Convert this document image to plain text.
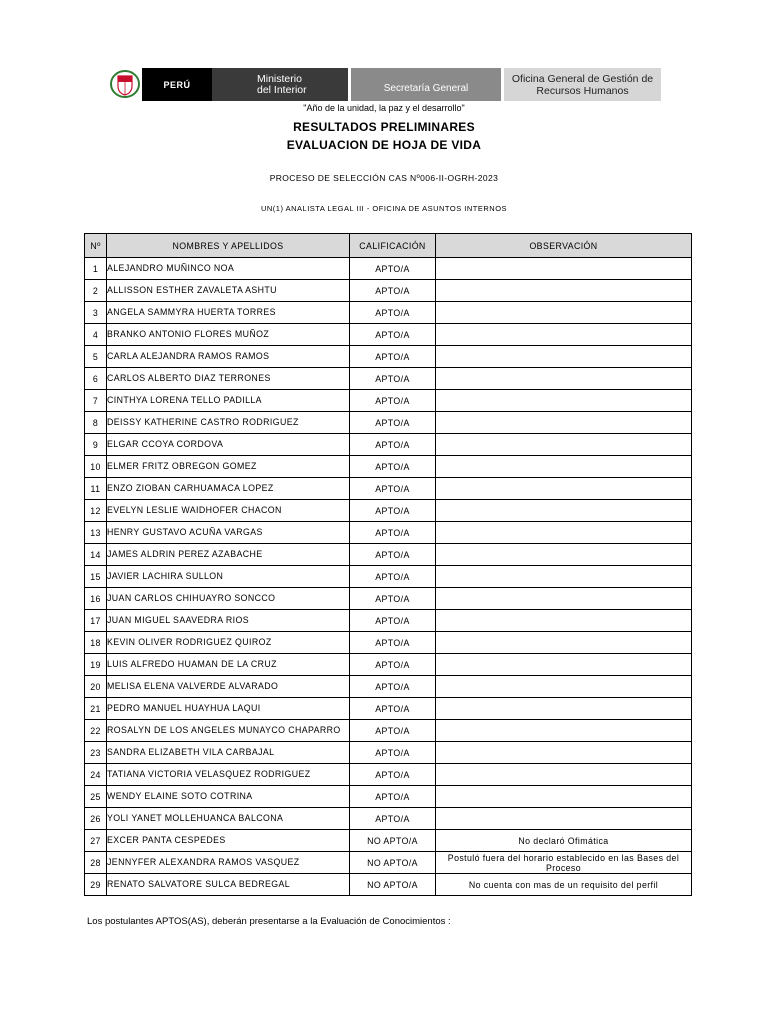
PERÚ	Ministerio
del Interior	Secretaría General
Oficina General de Gestión de
Recursos Humanos
"Año de la unidad, la paz y el desarrollo"
RESULTADOS PRELIMINARES
EVALUACION DE HOJA DE VIDA
PROCESO DE SELECCIÓN CAS Nº006-II-OGRH-2023
UN(1) ANALISTA LEGAL III - OFICINA DE ASUNTOS INTERNOS
Nº	NOMBRES Y APELLIDOS	CALIFICACIÓN	OBSERVACIÓN
1	ALEJANDRO MUÑINCO NOA	APTO/A	
2	ALLISSON ESTHER ZAVALETA ASHTU	APTO/A	
3	ANGELA SAMMYRA HUERTA TORRES	APTO/A	
4	BRANKO ANTONIO FLORES MUÑOZ	APTO/A	
5	CARLA ALEJANDRA RAMOS RAMOS	APTO/A	
6	CARLOS ALBERTO DIAZ TERRONES	APTO/A	
7	CINTHYA LORENA TELLO PADILLA	APTO/A	
8	DEISSY KATHERINE CASTRO RODRIGUEZ	APTO/A	
9	ELGAR CCOYA CORDOVA	APTO/A	
10	ELMER FRITZ OBREGON GOMEZ	APTO/A	
11	ENZO ZIOBAN CARHUAMACA LOPEZ	APTO/A	
12	EVELYN LESLIE WAIDHOFER CHACON	APTO/A	
13	HENRY GUSTAVO ACUÑA VARGAS	APTO/A	
14	JAMES ALDRIN PEREZ AZABACHE	APTO/A	
15	JAVIER LACHIRA SULLON	APTO/A	
16	JUAN CARLOS CHIHUAYRO SONCCO	APTO/A	
17	JUAN MIGUEL SAAVEDRA RIOS	APTO/A	
18	KEVIN OLIVER RODRIGUEZ QUIROZ	APTO/A	
19	LUIS ALFREDO HUAMAN DE LA CRUZ	APTO/A	
20	MELISA ELENA VALVERDE ALVARADO	APTO/A	
21	PEDRO MANUEL HUAYHUA LAQUI	APTO/A	
22	ROSALYN DE LOS ANGELES MUNAYCO CHAPARRO	APTO/A	
23	SANDRA ELIZABETH VILA CARBAJAL	APTO/A	
24	TATIANA VICTORIA VELASQUEZ RODRIGUEZ	APTO/A	
25	WENDY ELAINE SOTO COTRINA	APTO/A	
26	YOLI YANET MOLLEHUANCA BALCONA	APTO/A	
27	EXCER PANTA CESPEDES	NO APTO/A	No declaró Ofimática
28	JENNYFER ALEXANDRA RAMOS VASQUEZ	NO APTO/A	Postuló fuera del horario establecido en las Bases del Proceso
29	RENATO SALVATORE SULCA BEDREGAL	NO APTO/A	No cuenta con mas de un requisito del perfil
Los postulantes APTOS(AS), deberán presentarse a la Evaluación de Conocimientos :
